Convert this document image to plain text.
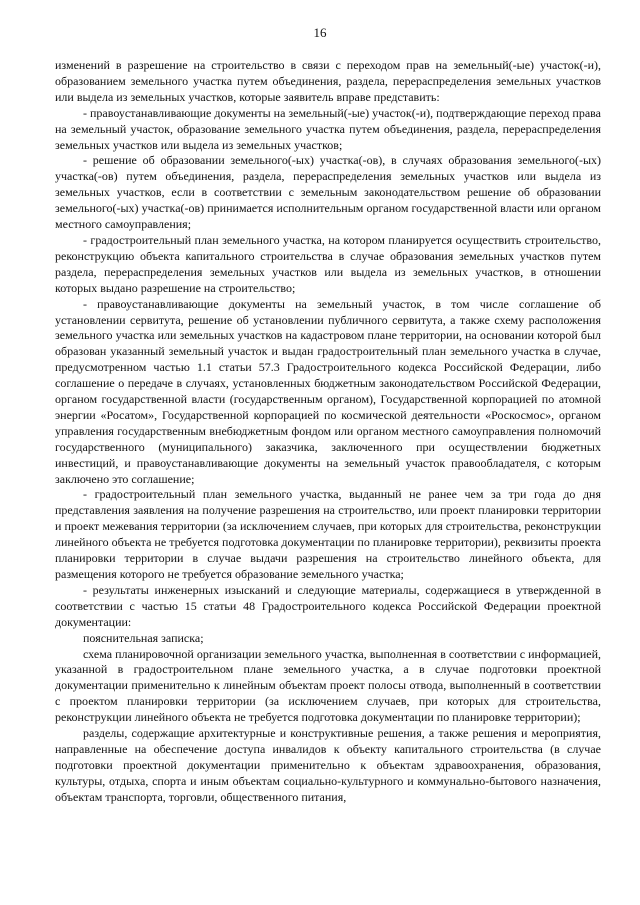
16

изменений в разрешение на строительство в связи с переходом прав на земельный(-ые) участок(-и), образованием земельного участка путем объединения, раздела, перераспределения земельных участков или выдела из земельных участков, которые заявитель вправе представить:

- правоустанавливающие документы на земельный(-ые) участок(-и), подтверждающие переход права на земельный участок, образование земельного участка путем объединения, раздела, перераспределения земельных участков или выдела из земельных участков;

- решение об образовании земельного(-ых) участка(-ов), в случаях образования земельного(-ых) участка(-ов) путем объединения, раздела, перераспределения земельных участков или выдела из земельных участков, если в соответствии с земельным законодательством решение об образовании земельного(-ых) участка(-ов) принимается исполнительным органом государственной власти или органом местного самоуправления;

- градостроительный план земельного участка, на котором планируется осуществить строительство, реконструкцию объекта капитального строительства в случае образования земельных участков путем раздела, перераспределения земельных участков или выдела из земельных участков, в отношении которых выдано разрешение на строительство;

- правоустанавливающие документы на земельный участок, в том числе соглашение об установлении сервитута, решение об установлении публичного сервитута, а также схему расположения земельного участка или земельных участков на кадастровом плане территории, на основании которой был образован указанный земельный участок и выдан градостроительный план земельного участка в случае, предусмотренном частью 1.1 статьи 57.3 Градостроительного кодекса Российской Федерации, либо соглашение о передаче в случаях, установленных бюджетным законодательством Российской Федерации, органом государственной власти (государственным органом), Государственной корпорацией по атомной энергии «Росатом», Государственной корпорацией по космической деятельности «Роскосмос», органом управления государственным внебюджетным фондом или органом местного самоуправления полномочий государственного (муниципального) заказчика, заключенного при осуществлении бюджетных инвестиций, и правоустанавливающие документы на земельный участок правообладателя, с которым заключено это соглашение;

- градостроительный план земельного участка, выданный не ранее чем за три года до дня представления заявления на получение разрешения на строительство, или проект планировки территории и проект межевания территории (за исключением случаев, при которых для строительства, реконструкции линейного объекта не требуется подготовка документации по планировке территории), реквизиты проекта планировки территории в случае выдачи разрешения на строительство линейного объекта, для размещения которого не требуется образование земельного участка;

- результаты инженерных изысканий и следующие материалы, содержащиеся в утвержденной в соответствии с частью 15 статьи 48 Градостроительного кодекса Российской Федерации проектной документации:

пояснительная записка;

схема планировочной организации земельного участка, выполненная в соответствии с информацией, указанной в градостроительном плане земельного участка, а в случае подготовки проектной документации применительно к линейным объектам проект полосы отвода, выполненный в соответствии с проектом планировки территории (за исключением случаев, при которых для строительства, реконструкции линейного объекта не требуется подготовка документации по планировке территории);

разделы, содержащие архитектурные и конструктивные решения, а также решения и мероприятия, направленные на обеспечение доступа инвалидов к объекту капитального строительства (в случае подготовки проектной документации применительно к объектам здравоохранения, образования, культуры, отдыха, спорта и иным объектам социально-культурного и коммунально-бытового назначения, объектам транспорта, торговли, общественного питания,
